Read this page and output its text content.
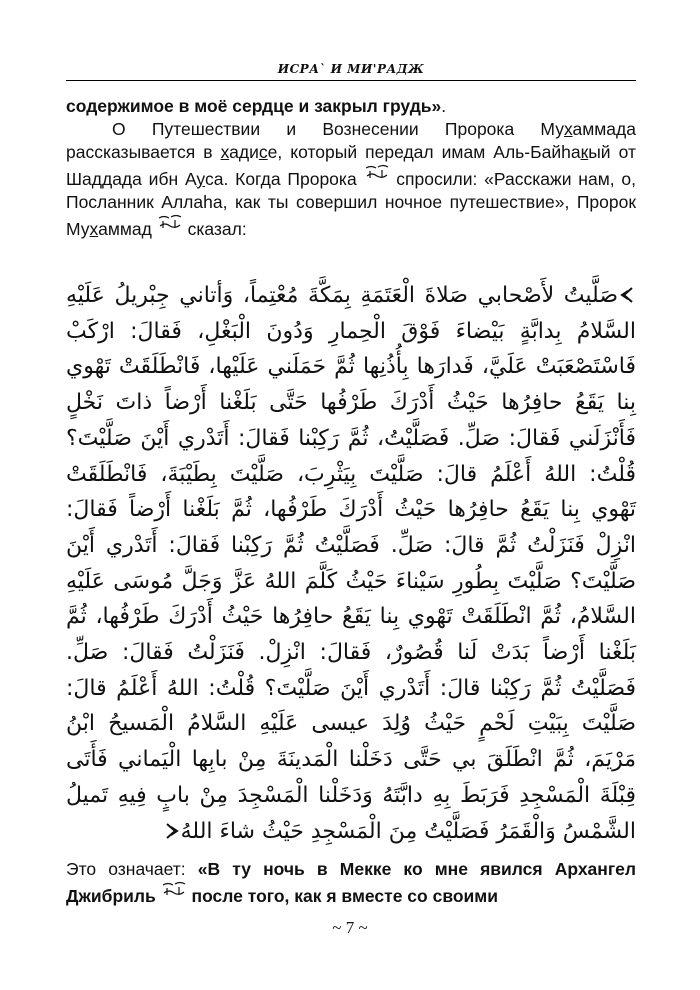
ИСРА` И МИ'РАДЖ

содержимое в моё сердце и закрыл грудь».

О Путешествии и Вознесении Пророка Мухаммада рассказывается в хадисе, который передал имам Аль-Байhакый от Шаддада ибн Ауса. Когда Пророка
спросили: «Расскажи нам, о, Посланник Аллаhа, как ты совершил ночное путешествие», Пророк Мухаммад
сказал:

صَلَّيتُ لأَصْحابي صَلاةَ الْعَتَمَةِ بِمَكَّةَ مُعْتِماً، وَأتاني جِبْريلُ عَلَيْهِ السَّلامُ بِدابَّةٍ بَيْضاءَ فَوْقَ الْحِمارِ وَدُونَ الْبَغْلِ، فَقالَ: ارْكَبْ فَاسْتَصْعَبَتْ عَلَيَّ، فَدارَها بِأُذُنِها ثُمَّ حَمَلَني عَلَيْها، فَانْطَلَقَتْ تَهْوي بِنا يَقَعُ حافِرُها حَيْثُ أَدْرَكَ طَرْفُها حَتَّى بَلَغْنا أَرْضاً ذاتَ نَخْلٍ فَأَنْزَلَني فَقالَ: صَلِّ. فَصَلَّيْتُ، ثُمَّ رَكِبْنا فَقالَ: أَتَدْري أَيْنَ صَلَّيْتَ؟ قُلْتُ: اللهُ أَعْلَمُ قالَ: صَلَّيْتَ بِيَثْرِبَ، صَلَّيْتَ بِطَيْبَةَ، فَانْطَلَقَتْ تَهْوي بِنا يَقَعُ حافِرُها حَيْثُ أَدْرَكَ طَرْفُها، ثُمَّ بَلَغْنا أَرْضاً فَقالَ: انْزِلْ فَنَزَلْتُ ثُمَّ قالَ: صَلِّ. فَصَلَّيْتُ ثُمَّ رَكِبْنا فَقالَ: أَتَدْري أَيْنَ صَلَّيْتَ؟ صَلَّيْتَ بِطُورِ سَيْناءَ حَيْثُ كَلَّمَ اللهُ عَزَّ وَجَلَّ مُوسَى عَلَيْهِ السَّلامُ، ثُمَّ انْطَلَقَتْ تَهْوي بِنا يَقَعُ حافِرُها حَيْثُ أَدْرَكَ طَرْفُها، ثُمَّ بَلَغْنا أَرْضاً بَدَتْ لَنا قُصُورٌ، فَقالَ: انْزِلْ. فَنَزَلْتُ فَقالَ: صَلِّ. فَصَلَّيْتُ ثُمَّ رَكِبْنا قالَ: أَتَدْري أَيْنَ صَلَّيْتَ؟ قُلْتُ: اللهُ أَعْلَمُ قالَ: صَلَّيْتَ بِبَيْتِ لَحْمٍ حَيْثُ وُلِدَ عيسى عَلَيْهِ السَّلامُ الْمَسيحُ ابْنُ مَرْيَمَ، ثُمَّ انْطَلَقَ بي حَتَّى دَخَلْنا الْمَدينَةَ مِنْ بابِها الْيَماني فَأَتَى قِبْلَةَ الْمَسْجِدِ فَرَبَطَ بِهِ دابَّتَهُ وَدَخَلْنا الْمَسْجِدَ مِنْ بابٍ فِيهِ تَميلُ الشَّمْسُ وَالْقَمَرُ فَصَلَّيْتُ مِنَ الْمَسْجِدِ حَيْثُ شاءَ اللهُ

Это означает: «В ту ночь в Мекке ко мне явился Архангел Джибриль
после того, как я вместе со своими

~ 7 ~
